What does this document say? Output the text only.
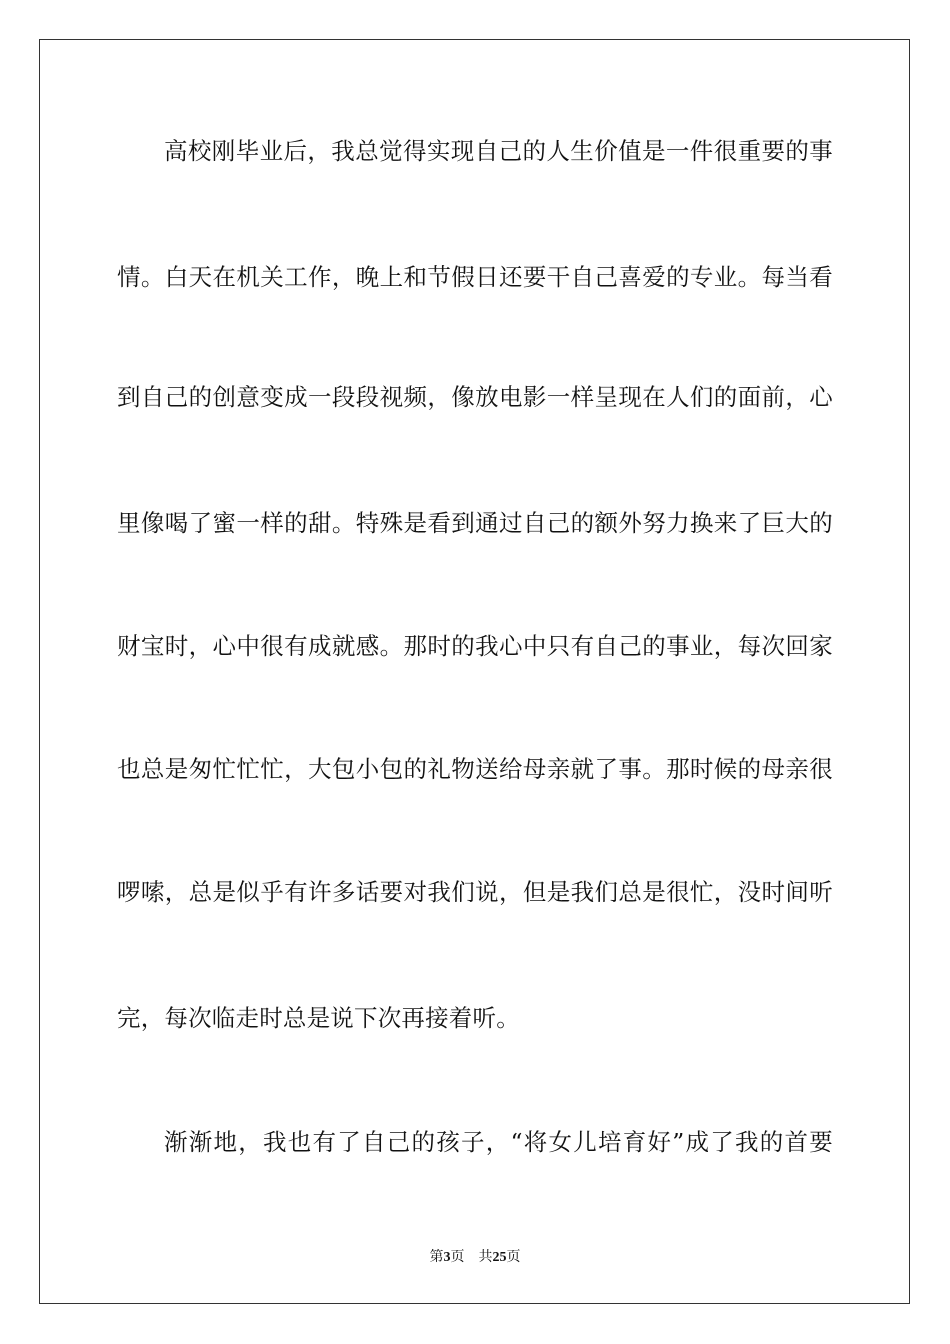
高校刚毕业后，我总觉得实现自己的人生价值是一件很重要的事
情。白天在机关工作，晚上和节假日还要干自己喜爱的专业。每当看
到自己的创意变成一段段视频，像放电影一样呈现在人们的面前，心
里像喝了蜜一样的甜。特殊是看到通过自己的额外努力换来了巨大的
财宝时，心中很有成就感。那时的我心中只有自己的事业，每次回家
也总是匆忙忙忙，大包小包的礼物送给母亲就了事。那时候的母亲很
啰嗦，总是似乎有许多话要对我们说，但是我们总是很忙，没时间听
完，每次临走时总是说下次再接着听。
渐渐地，我也有了自己的孩子，“将女儿培育好”成了我的首要
第3页 共25页
